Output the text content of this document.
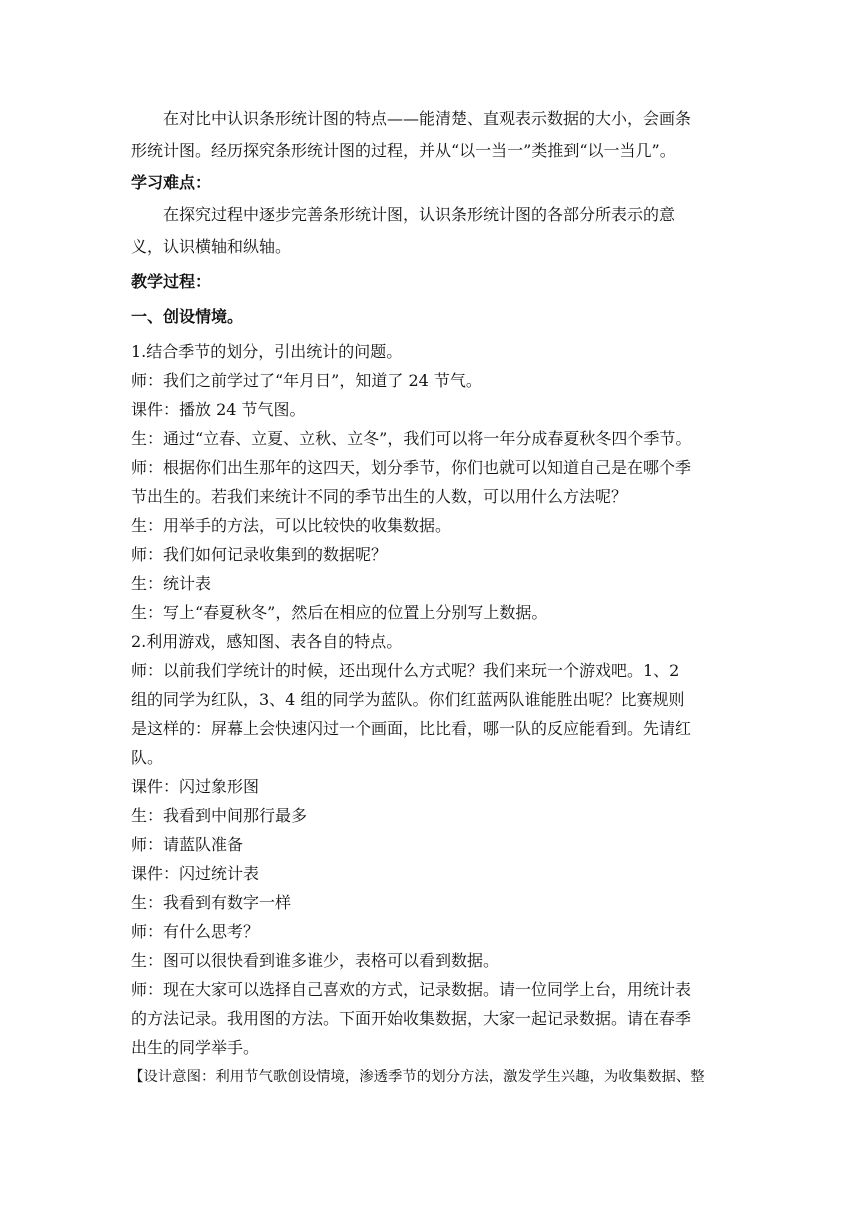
在对比中认识条形统计图的特点——能清楚、直观表示数据的大小，会画条
形统计图。经历探究条形统计图的过程，并从“以一当一”类推到“以一当几”。
学习难点：
在探究过程中逐步完善条形统计图，认识条形统计图的各部分所表示的意
义，认识横轴和纵轴。
教学过程：
一、创设情境。
1.结合季节的划分，引出统计的问题。
师：我们之前学过了“年月日”，知道了 24 节气。
课件：播放 24 节气图。
生：通过“立春、立夏、立秋、立冬”，我们可以将一年分成春夏秋冬四个季节。
师：根据你们出生那年的这四天，划分季节，你们也就可以知道自己是在哪个季
节出生的。若我们来统计不同的季节出生的人数，可以用什么方法呢？
生：用举手的方法，可以比较快的收集数据。
师：我们如何记录收集到的数据呢？
生：统计表
生：写上“春夏秋冬”，然后在相应的位置上分别写上数据。
2.利用游戏，感知图、表各自的特点。
师：以前我们学统计的时候，还出现什么方式呢？我们来玩一个游戏吧。1、2
组的同学为红队，3、4 组的同学为蓝队。你们红蓝两队谁能胜出呢？比赛规则
是这样的：屏幕上会快速闪过一个画面，比比看，哪一队的反应能看到。先请红
队。
课件：闪过象形图
生：我看到中间那行最多
师：请蓝队准备
课件：闪过统计表
生：我看到有数字一样
师：有什么思考？
生：图可以很快看到谁多谁少，表格可以看到数据。
师：现在大家可以选择自己喜欢的方式，记录数据。请一位同学上台，用统计表
的方法记录。我用图的方法。下面开始收集数据，大家一起记录数据。请在春季
出生的同学举手。
【设计意图：利用节气歌创设情境，渗透季节的划分方法，激发学生兴趣，为收集数据、整
